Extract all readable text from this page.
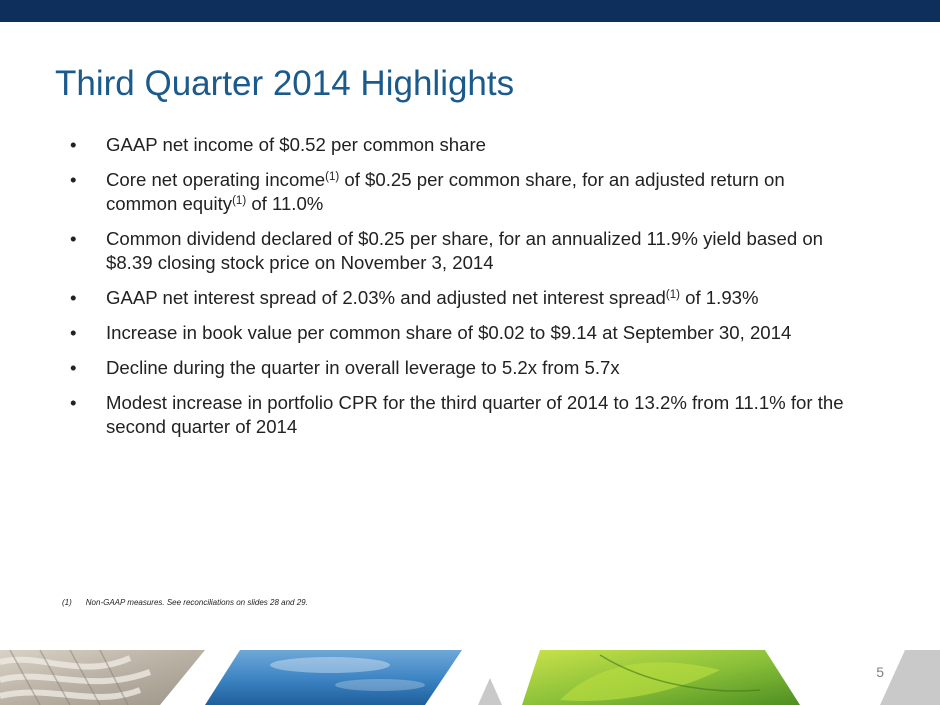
Third Quarter 2014 Highlights
• GAAP net income of $0.52 per common share
• Core net operating income$^{(1)}$ of $0.25 per common share, for an adjusted return on common equity$^{(1)}$ of 11.0%
• Common dividend declared of $0.25 per share, for an annualized 11.9% yield based on $8.39 closing stock price on November 3, 2014
• GAAP net interest spread of 2.03% and adjusted net interest spread$^{(1)}$ of 1.93%
• Increase in book value per common share of $0.02 to $9.14 at September 30, 2014
• Decline during the quarter in overall leverage to 5.2x from 5.7x
• Modest increase in portfolio CPR for the third quarter of 2014 to 13.2% from 11.1% for the second quarter of 2014
(1) Non-GAAP measures. See reconciliations on slides 28 and 29.
5
